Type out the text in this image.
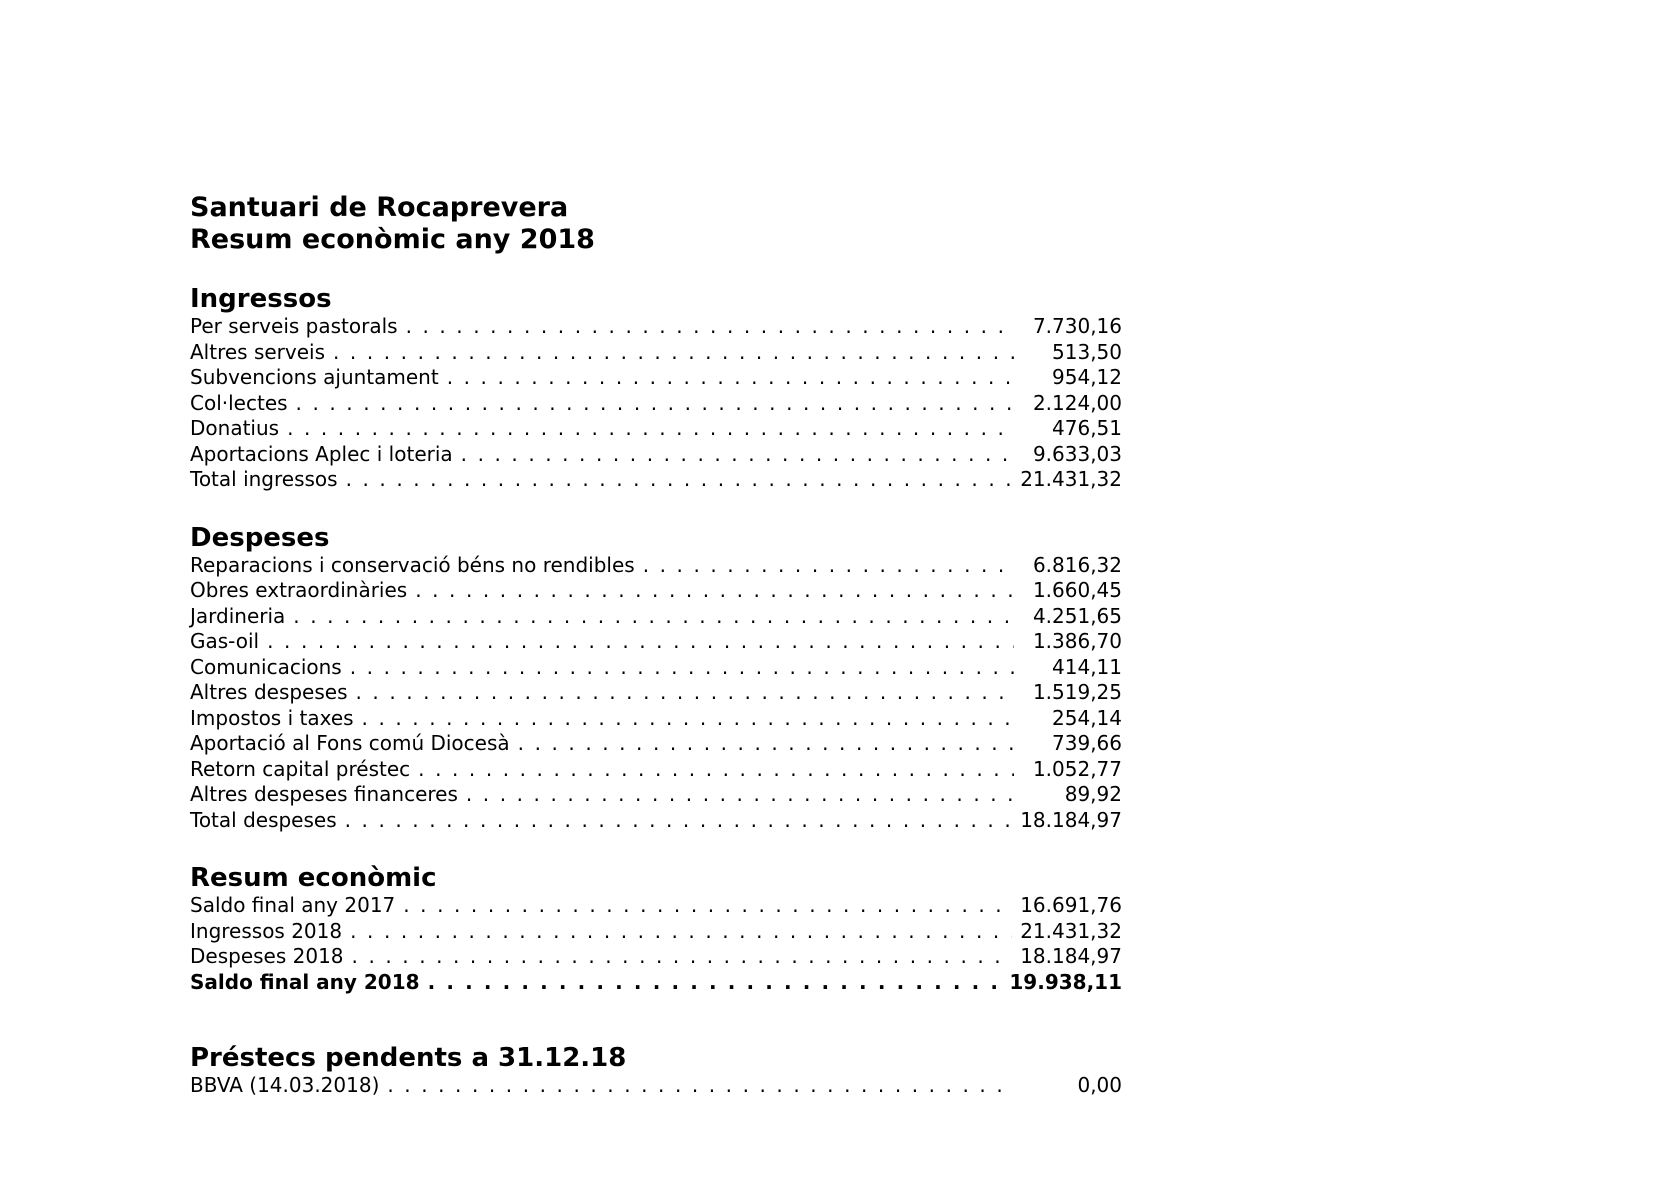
Santuari de Rocaprevera
Resum econòmic any 2018
Ingressos
Per serveis pastorals . . .	7.730,16
Altres serveis . . .	513,50
Subvencions ajuntament . . .	954,12
Col·lectes . . .	2.124,00
Donatius . . .	476,51
Aportacions Aplec i loteria . . .	9.633,03
Total ingressos . . .	21.431,32
Despeses
Reparacions i conservació béns no rendibles . . .	6.816,32
Obres extraordinàries . . .	1.660,45
Jardineria . . .	4.251,65
Gas-oil . . .	1.386,70
Comunicacions . . .	414,11
Altres despeses . . .	1.519,25
Impostos i taxes . . .	254,14
Aportació al Fons comú Diocesà . . .	739,66
Retorn capital préstec . . .	1.052,77
Altres despeses financeres . . .	89,92
Total despeses . . .	18.184,97
Resum econòmic
Saldo final any 2017 . . .	16.691,76
Ingressos 2018 . . .	21.431,32
Despeses 2018 . . .	18.184,97
Saldo final any 2018 . . .	19.938,11
Préstecs pendents a 31.12.18
BBVA (14.03.2018) . . .	0,00
